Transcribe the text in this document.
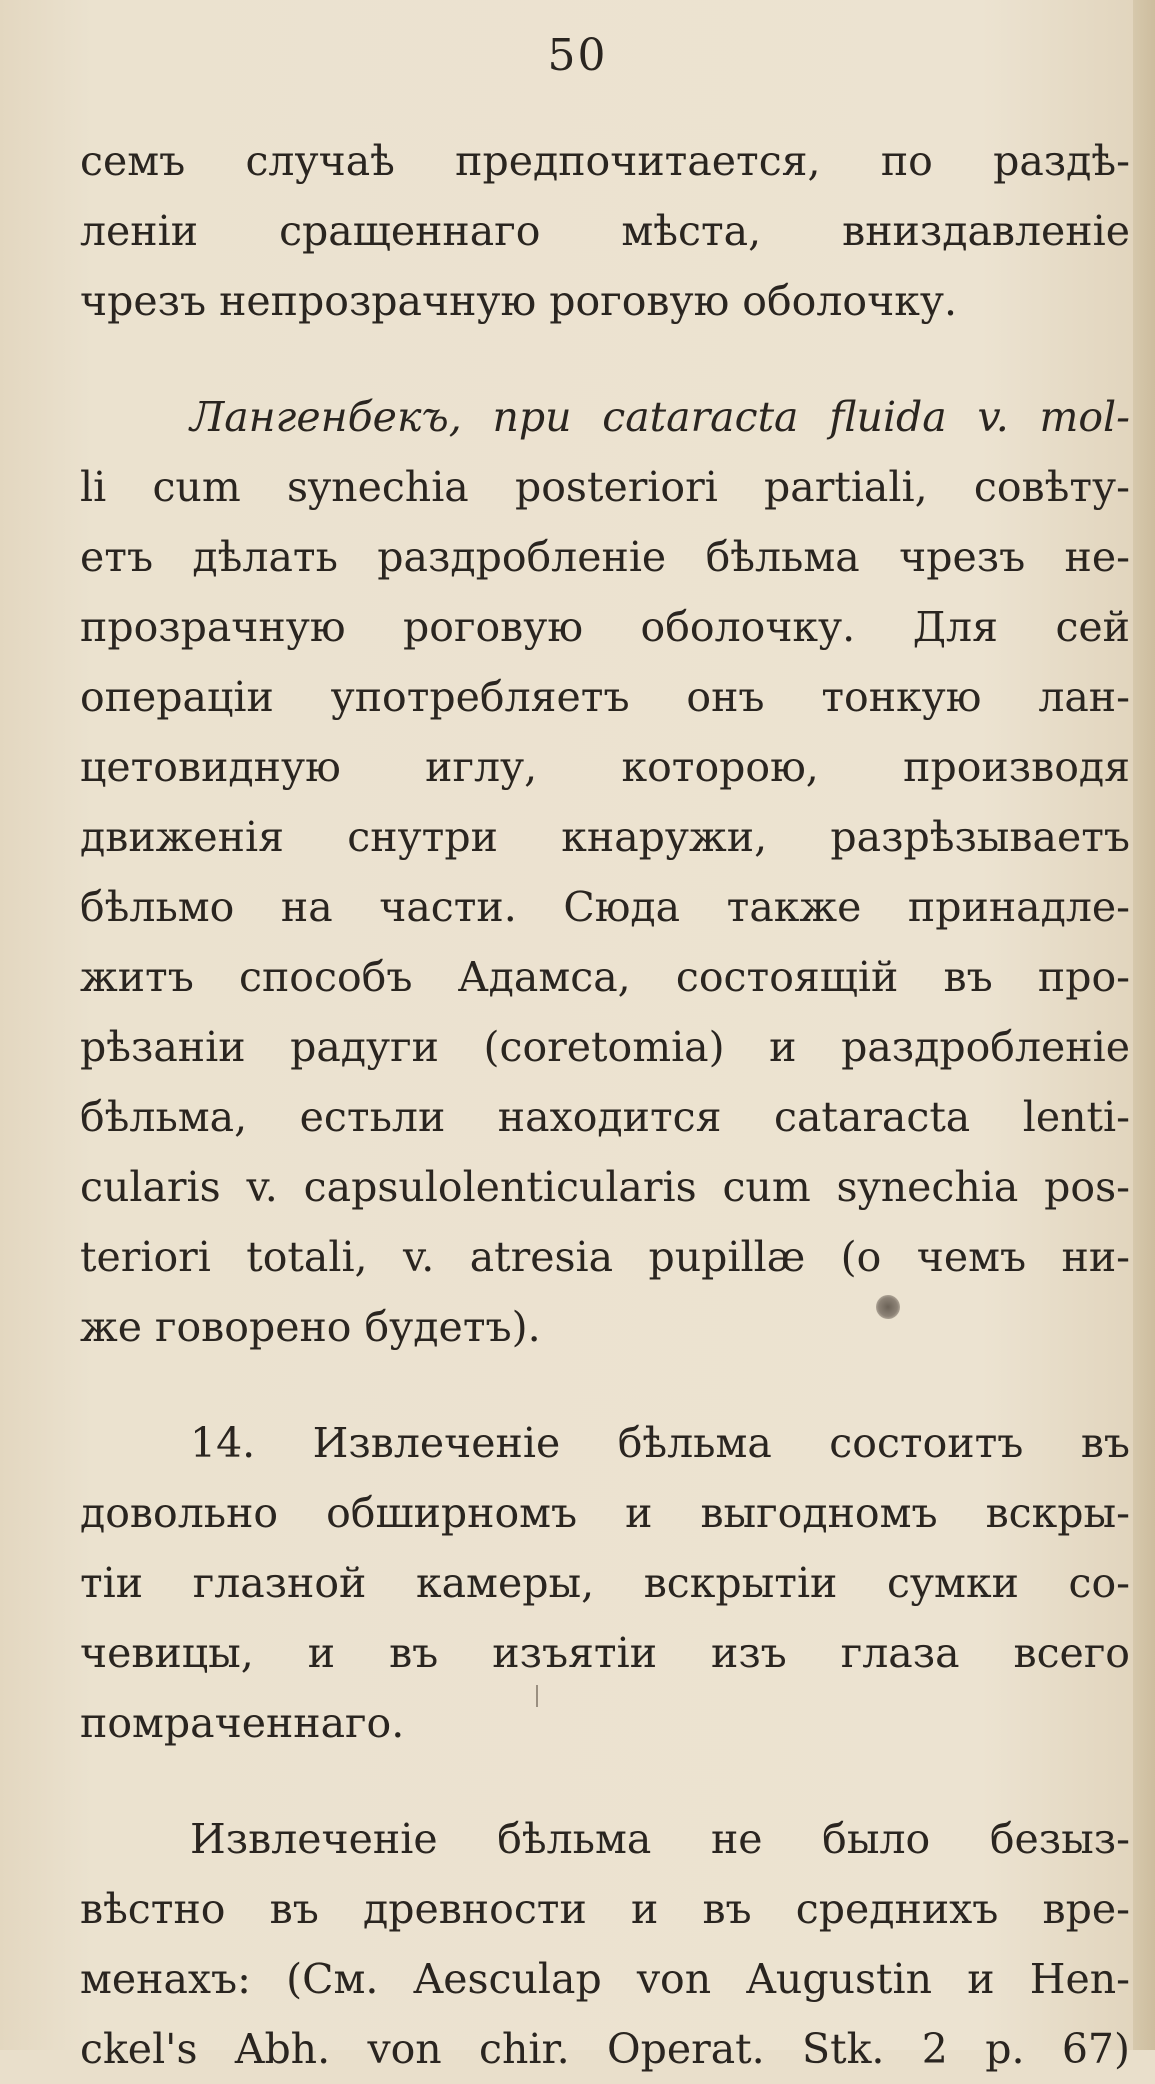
50
семъ случаѣ предпочитается, по раздѣ-
леніи сращеннаго мѣста, вниздавленіе
чрезъ непрозрачную роговую оболочку.
Лангенбекъ, при cataracta fluida v. mol-
li cum synechia posteriori partiali, совѣту-
етъ дѣлать раздробленіе бѣльма чрезъ не-
прозрачную роговую оболочку. Для сей
операціи употребляетъ онъ тонкую лан-
цетовидную иглу, которою, производя
движенія снутри кнаружи, разрѣзываетъ
бѣльмо на части. Сюда также принадле-
житъ способъ Адамса, состоящій въ про-
рѣзаніи радуги (coretomia) и раздробленіе
бѣльма, естьли находится cataracta lenti-
cularis v. capsulolenticularis cum synechia pos-
teriori totali, v. atresia pupillæ (о чемъ ни-
же говорено будетъ).
14. Извлеченіе бѣльма состоитъ въ
довольно обширномъ и выгодномъ вскры-
тіи глазной камеры, вскрытіи сумки со-
чевицы, и въ изъятіи изъ глаза всего
помраченнаго.
Извлеченіе бѣльма не было безыз-
вѣстно въ древности и въ среднихъ вре-
менахъ: (См. Aesculap von Augustin и Hen-
ckel's Abh. von chir. Operat. Stk. 2 p. 67)
